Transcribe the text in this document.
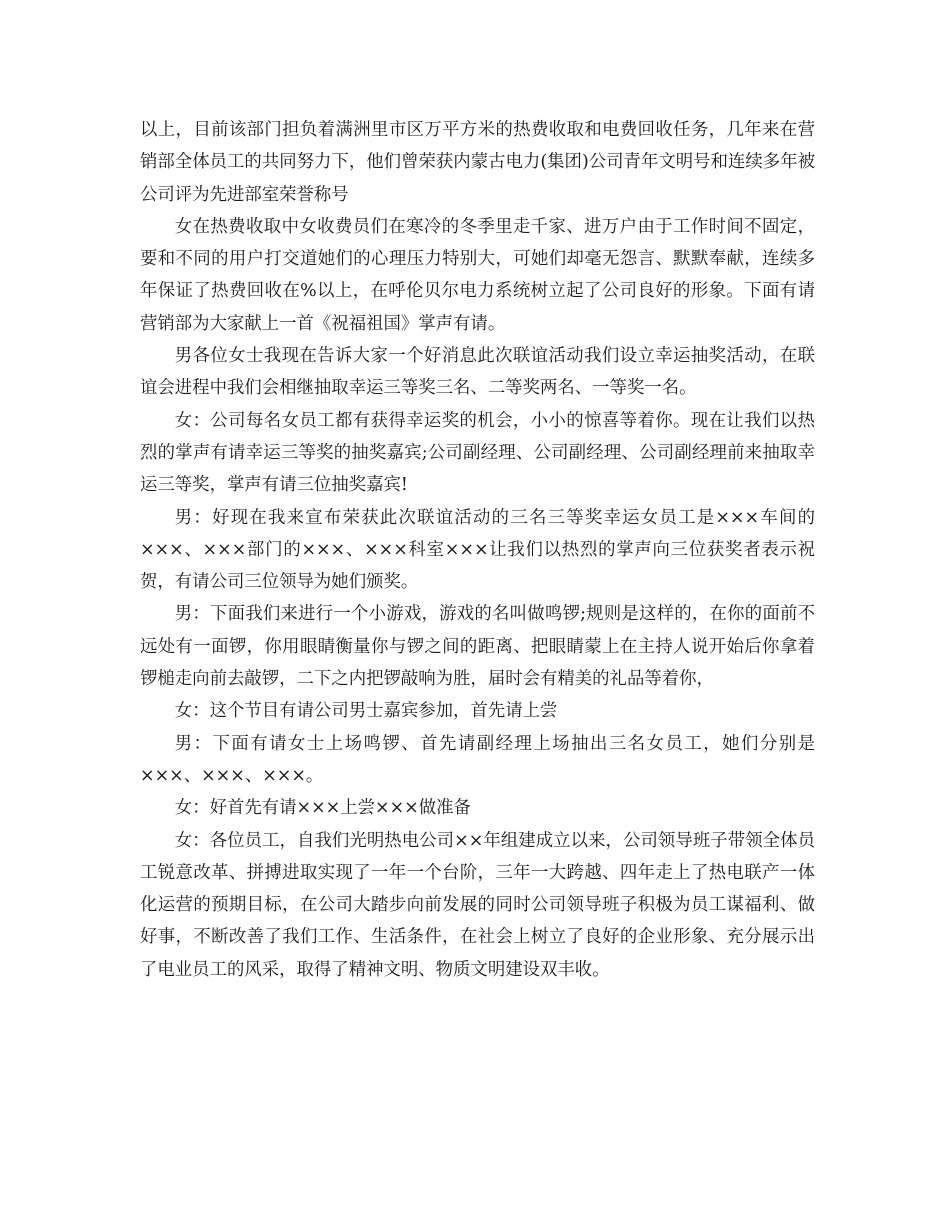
以上，目前该部门担负着满洲里市区万平方米的热费收取和电费回收任务，几年来在营销部全体员工的共同努力下，他们曾荣获内蒙古电力(集团)公司青年文明号和连续多年被公司评为先进部室荣誉称号

女在热费收取中女收费员们在寒冷的冬季里走千家、进万户由于工作时间不固定，要和不同的用户打交道她们的心理压力特别大，可她们却毫无怨言、默默奉献，连续多年保证了热费回收在%以上，在呼伦贝尔电力系统树立起了公司良好的形象。下面有请营销部为大家献上一首《祝福祖国》掌声有请。

男各位女士我现在告诉大家一个好消息此次联谊活动我们设立幸运抽奖活动，在联谊会进程中我们会相继抽取幸运三等奖三名、二等奖两名、一等奖一名。

女：公司每名女员工都有获得幸运奖的机会，小小的惊喜等着你。现在让我们以热烈的掌声有请幸运三等奖的抽奖嘉宾;公司副经理、公司副经理、公司副经理前来抽取幸运三等奖，掌声有请三位抽奖嘉宾!

男：好现在我来宣布荣获此次联谊活动的三名三等奖幸运女员工是×××车间的×××、×××部门的×××、×××科室×××让我们以热烈的掌声向三位获奖者表示祝贺，有请公司三位领导为她们颁奖。

男：下面我们来进行一个小游戏，游戏的名叫做鸣锣;规则是这样的，在你的面前不远处有一面锣，你用眼睛衡量你与锣之间的距离、把眼睛蒙上在主持人说开始后你拿着锣槌走向前去敲锣，二下之内把锣敲响为胜，届时会有精美的礼品等着你，

女：这个节目有请公司男士嘉宾参加，首先请上尝

男：下面有请女士上场鸣锣、首先请副经理上场抽出三名女员工，她们分别是×××、×××、×××。

女：好首先有请×××上尝×××做准备

女：各位员工，自我们光明热电公司××年组建成立以来，公司领导班子带领全体员工锐意改革、拼搏进取实现了一年一个台阶，三年一大跨越、四年走上了热电联产一体化运营的预期目标，在公司大踏步向前发展的同时公司领导班子积极为员工谋福利、做好事，不断改善了我们工作、生活条件，在社会上树立了良好的企业形象、充分展示出了电业员工的风采，取得了精神文明、物质文明建设双丰收。
